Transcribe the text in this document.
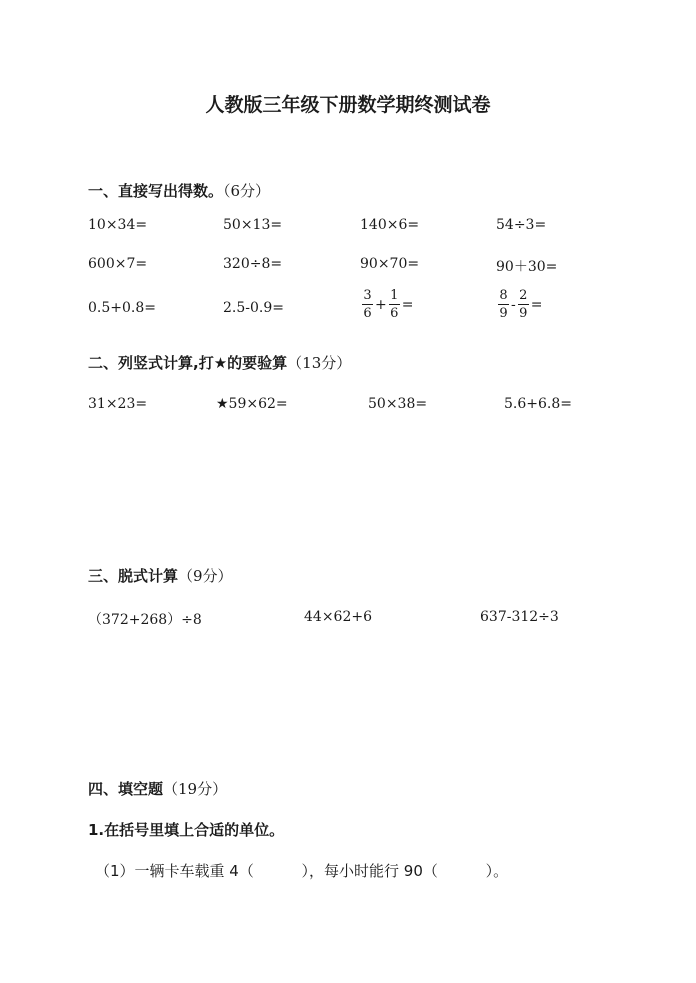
人教版三年级下册数学期终测试卷
一、直接写出得数。（6分）
10×34=	50×13=	140×6=	54÷3=
600×7=	320÷8=	90×70=	90＋30=
0.5+0.8=	2.5-0.9=	$\frac{3}{6} + \frac{1}{6}$ =	$\frac{8}{9} - \frac{2}{9}$ =
二、列竖式计算,打★的要验算（13分）
31×23=	★59×62=	50×38=	5.6+6.8=
三、脱式计算（9分）
（372+268）÷8	44×62+6	637-312÷3
四、填空题（19分）
1.在括号里填上合适的单位。
（1）一辆卡车载重 4（          ），每小时能行 90（          ）。
